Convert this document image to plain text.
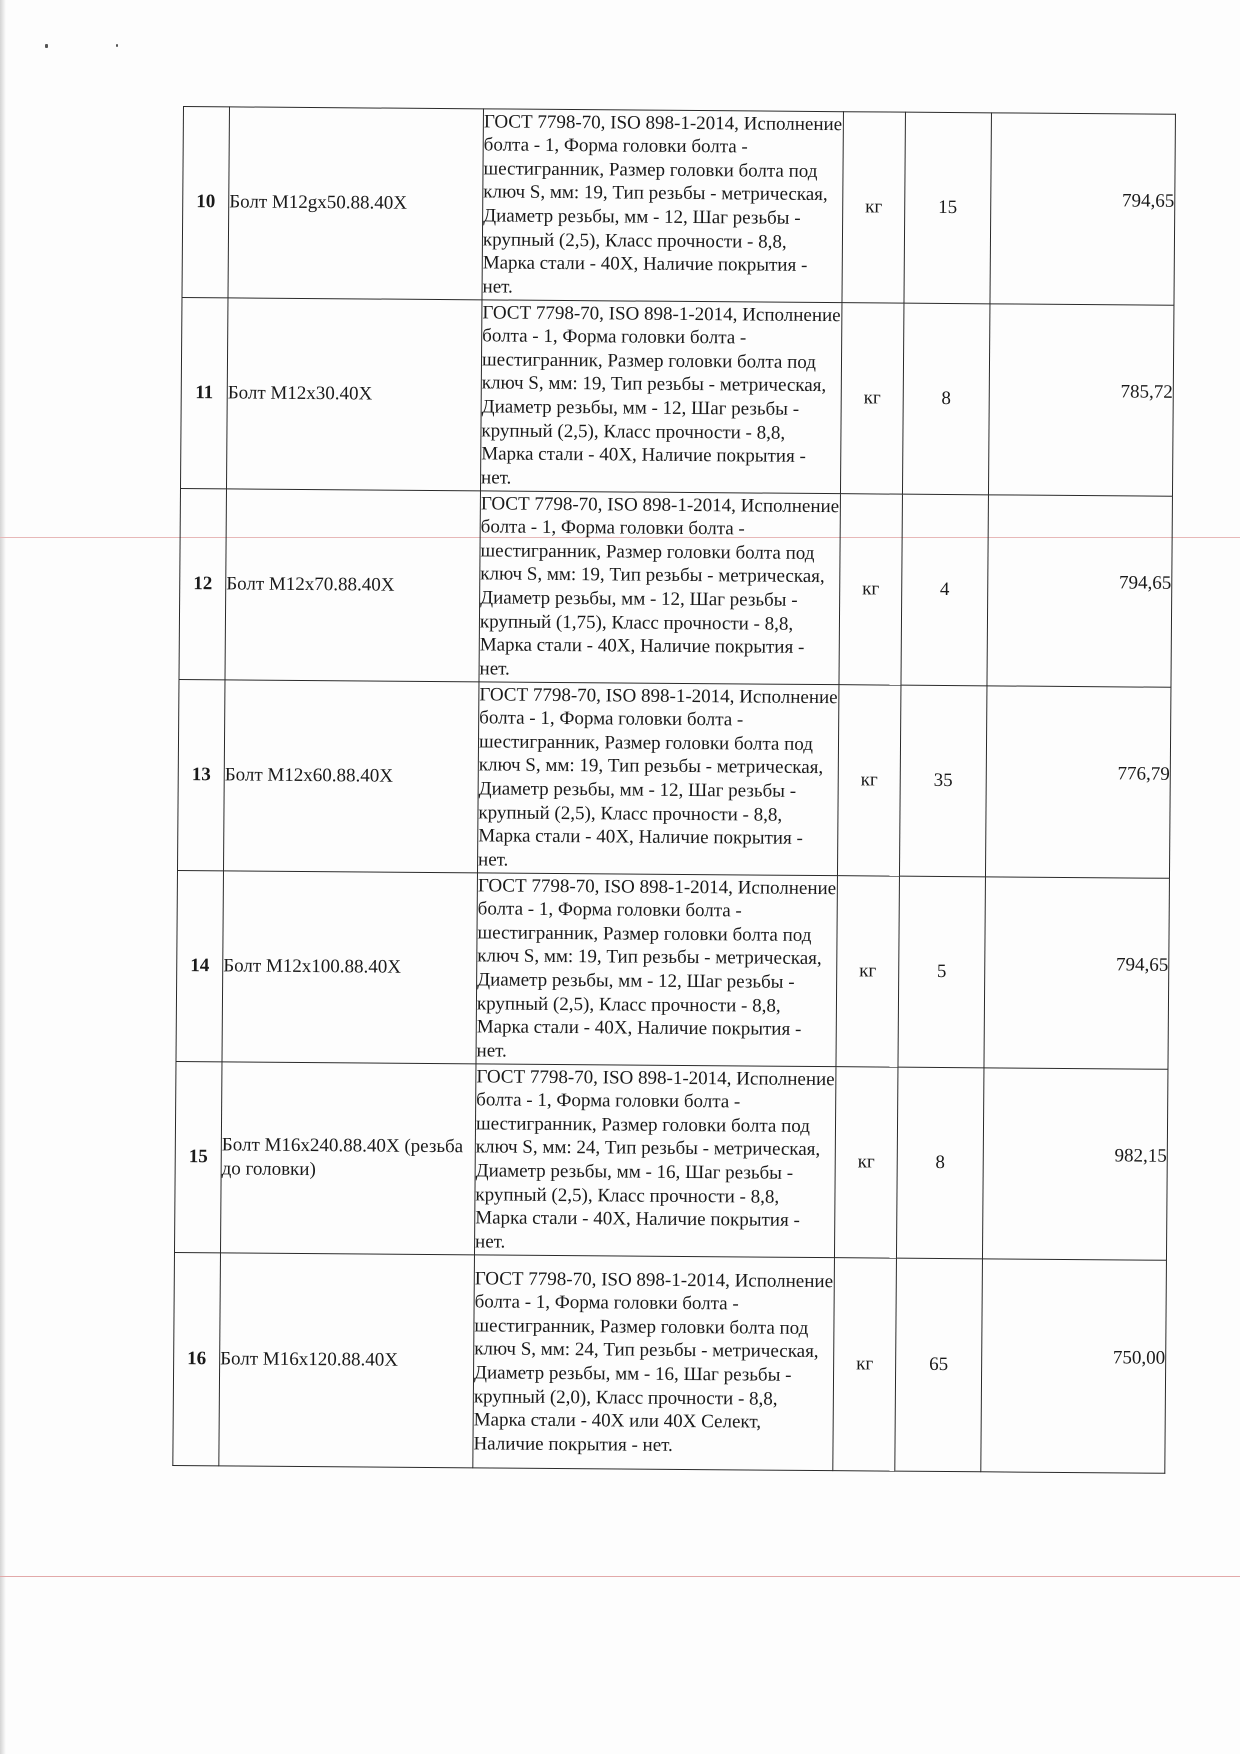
10	Болт М12gх50.88.40Х	ГОСТ 7798-70, ISO 898-1-2014, Исполнение болта - 1, Форма головки болта - шестигранник, Размер головки болта под ключ S, мм: 19, Тип резьбы - метрическая, Диаметр резьбы, мм - 12, Шаг резьбы - крупный (2,5), Класс прочности - 8,8, Марка стали - 40Х, Наличие покрытия - нет.	кг	15	794,65

11	Болт М12х30.40Х	ГОСТ 7798-70, ISO 898-1-2014, Исполнение болта - 1, Форма головки болта - шестигранник, Размер головки болта под ключ S, мм: 19, Тип резьбы - метрическая, Диаметр резьбы, мм - 12, Шаг резьбы - крупный (2,5), Класс прочности - 8,8, Марка стали - 40Х, Наличие покрытия - нет.	кг	8	785,72

12	Болт М12х70.88.40Х	ГОСТ 7798-70, ISO 898-1-2014, Исполнение болта - 1, Форма головки болта - шестигранник, Размер головки болта под ключ S, мм: 19, Тип резьбы - метрическая, Диаметр резьбы, мм - 12, Шаг резьбы - крупный (1,75), Класс прочности - 8,8, Марка стали - 40Х, Наличие покрытия - нет.	кг	4	794,65

13	Болт М12х60.88.40Х	ГОСТ 7798-70, ISO 898-1-2014, Исполнение болта - 1, Форма головки болта - шестигранник, Размер головки болта под ключ S, мм: 19, Тип резьбы - метрическая, Диаметр резьбы, мм - 12, Шаг резьбы - крупный (2,5), Класс прочности - 8,8, Марка стали - 40Х, Наличие покрытия - нет.	кг	35	776,79

14	Болт М12х100.88.40Х	ГОСТ 7798-70, ISO 898-1-2014, Исполнение болта - 1, Форма головки болта - шестигранник, Размер головки болта под ключ S, мм: 19, Тип резьбы - метрическая, Диаметр резьбы, мм - 12, Шаг резьбы - крупный (2,5), Класс прочности - 8,8, Марка стали - 40Х, Наличие покрытия - нет.	кг	5	794,65

15	Болт М16х240.88.40Х (резьба до головки)	ГОСТ 7798-70, ISO 898-1-2014, Исполнение болта - 1, Форма головки болта - шестигранник, Размер головки болта под ключ S, мм: 24, Тип резьбы - метрическая, Диаметр резьбы, мм - 16, Шаг резьбы - крупный (2,5), Класс прочности - 8,8, Марка стали - 40Х, Наличие покрытия - нет.	кг	8	982,15

16	Болт М16х120.88.40Х	ГОСТ 7798-70, ISO 898-1-2014, Исполнение болта - 1, Форма головки болта - шестигранник, Размер головки болта под ключ S, мм: 24, Тип резьбы - метрическая, Диаметр резьбы, мм - 16, Шаг резьбы - крупный (2,0), Класс прочности - 8,8, Марка стали - 40Х или 40Х Селект, Наличие покрытия - нет.	кг	65	750,00
